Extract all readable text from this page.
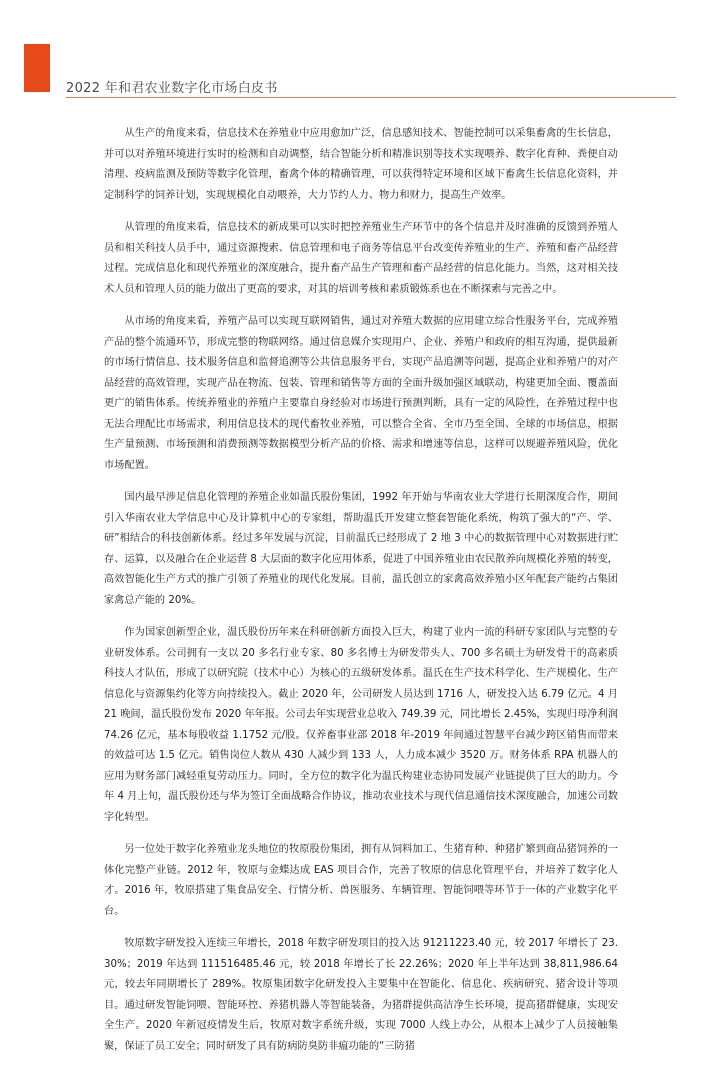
2022 年和君农业数字化市场白皮书

从生产的角度来看，信息技术在养殖业中应用愈加广泛，信息感知技术、智能控制可以采集畜禽的生长信息，并可以对养殖环境进行实时的检测和自动调整，结合智能分析和精准识别等技术实现喂养、数字化育种、粪便自动清理、疫病监测及预防等数字化管理，畜禽个体的精确管理，可以获得特定环境和区域下畜禽生长信息化资料，并定制科学的饲养计划，实现规模化自动喂养，大力节约人力、物力和财力，提高生产效率。

从管理的角度来看，信息技术的新成果可以实时把控养殖业生产环节中的各个信息并及时准确的反馈到养殖人员和相关科技人员手中，通过资源搜索、信息管理和电子商务等信息平台改变传养殖业的生产、养殖和畜产品经营过程。完成信息化和现代养殖业的深度融合，提升畜产品生产管理和畜产品经营的信息化能力。当然，这对相关技术人员和管理人员的能力做出了更高的要求，对其的培训考核和素质锻炼系也在不断探索与完善之中。

从市场的角度来看，养殖产品可以实现互联网销售，通过对养殖大数据的应用建立综合性服务平台，完成养殖产品的整个流通环节，形成完整的物联网络。通过信息媒介实现用户、企业、养殖户和政府的相互沟通，提供最新的市场行情信息、技术服务信息和监督追溯等公共信息服务平台，实现产品追溯等问题，提高企业和养殖户的对产品经营的高效管理，实现产品在物流、包装、管理和销售等方面的全面升级加强区域联动，构建更加全面、覆盖面更广的销售体系。传统养殖业的养殖户主要靠自身经验对市场进行预测判断，具有一定的风险性，在养殖过程中也无法合理配比市场需求，利用信息技术的现代畜牧业养殖，可以整合全省、全市乃至全国、全球的市场信息，根据生产量预测、市场预测和消费预测等数据模型分析产品的价格、需求和增速等信息，这样可以规避养殖风险，优化市场配置。

国内最早涉足信息化管理的养殖企业如温氏股份集团，1992 年开始与华南农业大学进行长期深度合作，期间引入华南农业大学信息中心及计算机中心的专家组，帮助温氏开发建立整套智能化系统，构筑了强大的“产、学、研”相结合的科技创新体系。经过多年发展与沉淀，目前温氏已经形成了 2 地 3 中心的数据管理中心对数据进行贮存、运算，以及融合在企业运营 8 大层面的数字化应用体系，促进了中国养殖业由农民散养向规模化养殖的转变，高效智能化生产方式的推广引领了养殖业的现代化发展。目前，温氏创立的家禽高效养殖小区年配套产能约占集团家禽总产能的 20%。

作为国家创新型企业，温氏股份历年来在科研创新方面投入巨大，构建了业内一流的科研专家团队与完整的专业研发体系。公司拥有一支以 20 多名行业专家、80 多名博士为研发带头人、700 多名硕士为研发骨干的高素质科技人才队伍，形成了以研究院（技术中心）为核心的五级研发体系。温氏在生产技术科学化、生产规模化、生产信息化与资源集约化等方向持续投入。截止 2020 年，公司研发人员达到 1716 人，研发投入达 6.79 亿元。4 月 21 晚间，温氏股份发布 2020 年年报。公司去年实现营业总收入 749.39 元，同比增长 2.45%，实现归母净利润 74.26 亿元，基本每股收益 1.1752 元/股。仅养畜事业部 2018 年-2019 年间通过智慧平台减少跨区销售而带来的效益可达 1.5 亿元。销售岗位人数从 430 人减少到 133 人，人力成本减少 3520 万。财务体系 RPA 机器人的应用为财务部门减轻重复劳动压力。同时，全方位的数字化为温氏构建业态协同发展产业链提供了巨大的助力。今年 4 月上旬，温氏股份还与华为签订全面战略合作协议，推动农业技术与现代信息通信技术深度融合，加速公司数字化转型。

另一位处于数字化养殖业龙头地位的牧原股份集团，拥有从饲料加工、生猪育种、种猪扩繁到商品猪饲养的一体化完整产业链。2012 年，牧原与金蝶达成 EAS 项目合作，完善了牧原的信息化管理平台，并培养了数字化人才。2016 年，牧原搭建了集食品安全、行情分析、兽医服务、车辆管理、智能饲喂等环节于一体的产业数字化平台。

牧原数字研发投入连续三年增长，2018 年数字研发项目的投入达 91211223.40 元，较 2017 年增长了 23.30%；2019 年达到 111516485.46 元，较 2018 年增长了长 22.26%；2020 年上半年达到 38,811,986.64 元，较去年同期增长了 289%。牧原集团数字化研发投入主要集中在智能化、信息化、疾病研究、猪舍设计等项目。通过研发智能饲喂、智能环控、养猪机器人等智能装备，为猪群提供高洁净生长环境，提高猪群健康，实现安全生产。2020 年新冠疫情发生后，牧原对数字系统升级，实现 7000 人线上办公，从根本上减少了人员接触集聚，保证了员工安全；同时研发了具有防病防臭防非瘟功能的“三防猪
